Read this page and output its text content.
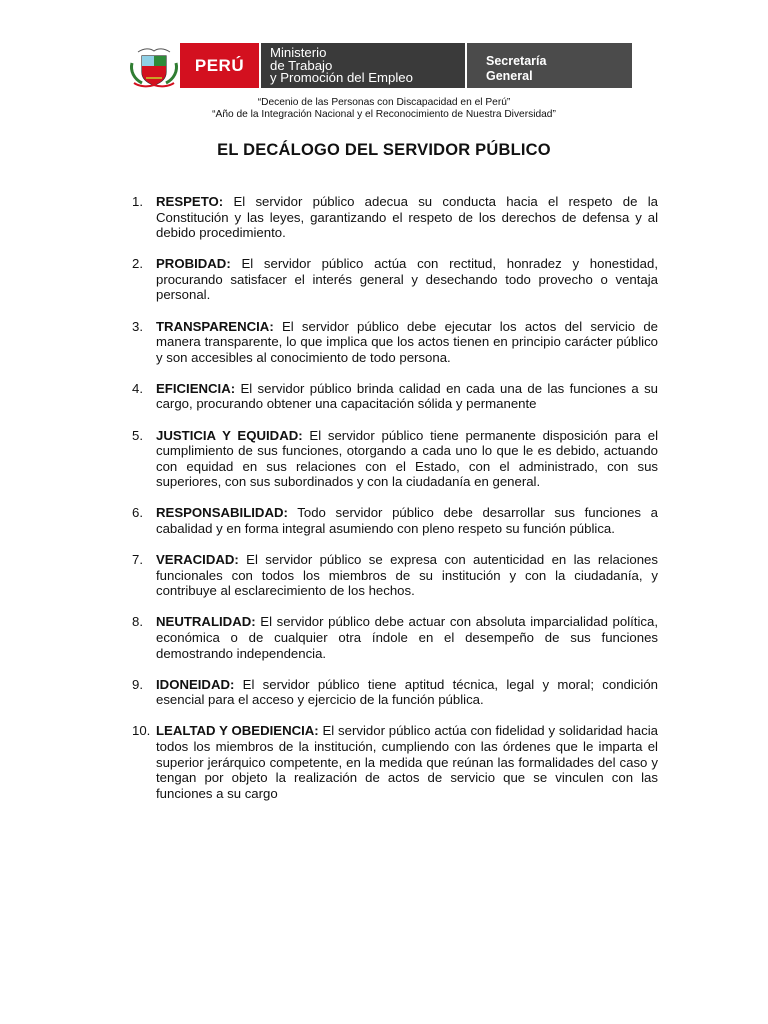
PERÚ
Ministerio
de Trabajo
y Promoción del Empleo
Secretaría
General
“Decenio de las Personas con Discapacidad en el Perú”
“Año de la Integración Nacional y el Reconocimiento de Nuestra Diversidad”
EL DECÁLOGO DEL SERVIDOR PÚBLICO
1. RESPETO: El servidor público adecua su conducta hacia el respeto de la Constitución y las leyes, garantizando el respeto de los derechos de defensa y al debido procedimiento.
2. PROBIDAD: El servidor público actúa con rectitud, honradez y honestidad, procurando satisfacer el interés general y desechando todo provecho o ventaja personal.
3. TRANSPARENCIA: El servidor público debe ejecutar los actos del servicio de manera transparente, lo que implica que los actos tienen en principio carácter público y son accesibles al conocimiento de todo persona.
4. EFICIENCIA: El servidor público brinda calidad en cada una de las funciones a su cargo, procurando obtener una capacitación sólida y permanente
5. JUSTICIA Y EQUIDAD: El servidor público tiene permanente disposición para el cumplimiento de sus funciones, otorgando a cada uno lo que le es debido, actuando con equidad en sus relaciones con el Estado, con el administrado, con sus superiores, con sus subordinados y con la ciudadanía en general.
6. RESPONSABILIDAD: Todo servidor público debe desarrollar sus funciones a cabalidad y en forma integral asumiendo con pleno respeto su función pública.
7. VERACIDAD: El servidor público se expresa con autenticidad en las relaciones funcionales con todos los miembros de su institución y con la ciudadanía, y contribuye al esclarecimiento de los hechos.
8. NEUTRALIDAD: El servidor público debe actuar con absoluta imparcialidad política, económica o de cualquier otra índole en el desempeño de sus funciones demostrando independencia.
9. IDONEIDAD: El servidor público tiene aptitud técnica, legal y moral; condición esencial para el acceso y ejercicio de la función pública.
10. LEALTAD Y OBEDIENCIA: El servidor público actúa con fidelidad y solidaridad hacia todos los miembros de la institución, cumpliendo con las órdenes que le imparta el superior jerárquico competente, en la medida que reúnan las formalidades del caso y tengan por objeto la realización de actos de servicio que se vinculen con las funciones a su cargo
